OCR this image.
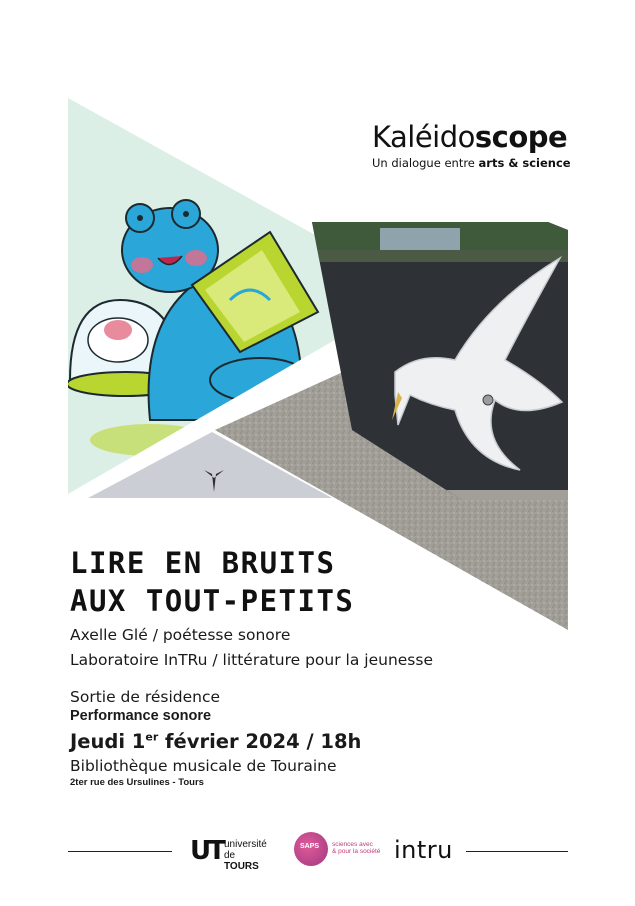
Kaléidoscope
Un dialogue entre arts & science
LIRE EN BRUITS
AUX TOUT-PETITS
Axelle Glé / poétesse sonore
Laboratoire InTRu / littérature pour la jeunesse
Sortie de résidence
Performance sonore
Jeudi 1er février 2024 / 18h
Bibliothèque musicale de Touraine
2ter rue des Ursulines - Tours
UT université
de TOURS
SAPS sciences avec
& pour la société intru
